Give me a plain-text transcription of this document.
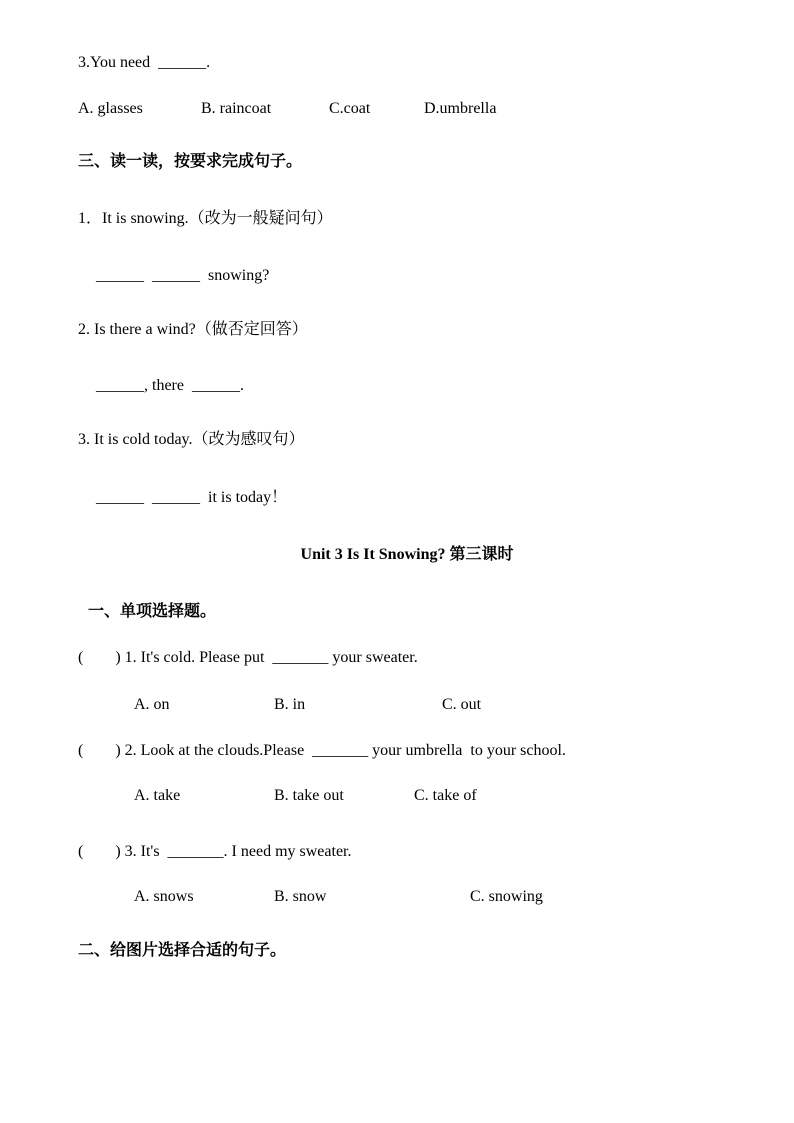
3.You need  ______.
A. glasses	B. raincoat	C.coat	D.umbrella
三、读一读，按要求完成句子。
1．It is snowing.（改为一般疑问句）
______  ______  snowing?
2. Is there a wind?（做否定回答）
______, there  ______.
3. It is cold today.（改为感叹句）
______  ______  it is today！
Unit 3 Is It Snowing? 第三课时
一、单项选择题。
(        ) 1. It's cold. Please put  _______ your sweater.
A. on	B. in	C. out
(        ) 2. Look at the clouds.Please  _______ your umbrella  to your school.
A. take	B. take out	C. take of
(        ) 3. It's  _______. I need my sweater.
A. snows	B. snow	C. snowing
二、给图片选择合适的句子。
